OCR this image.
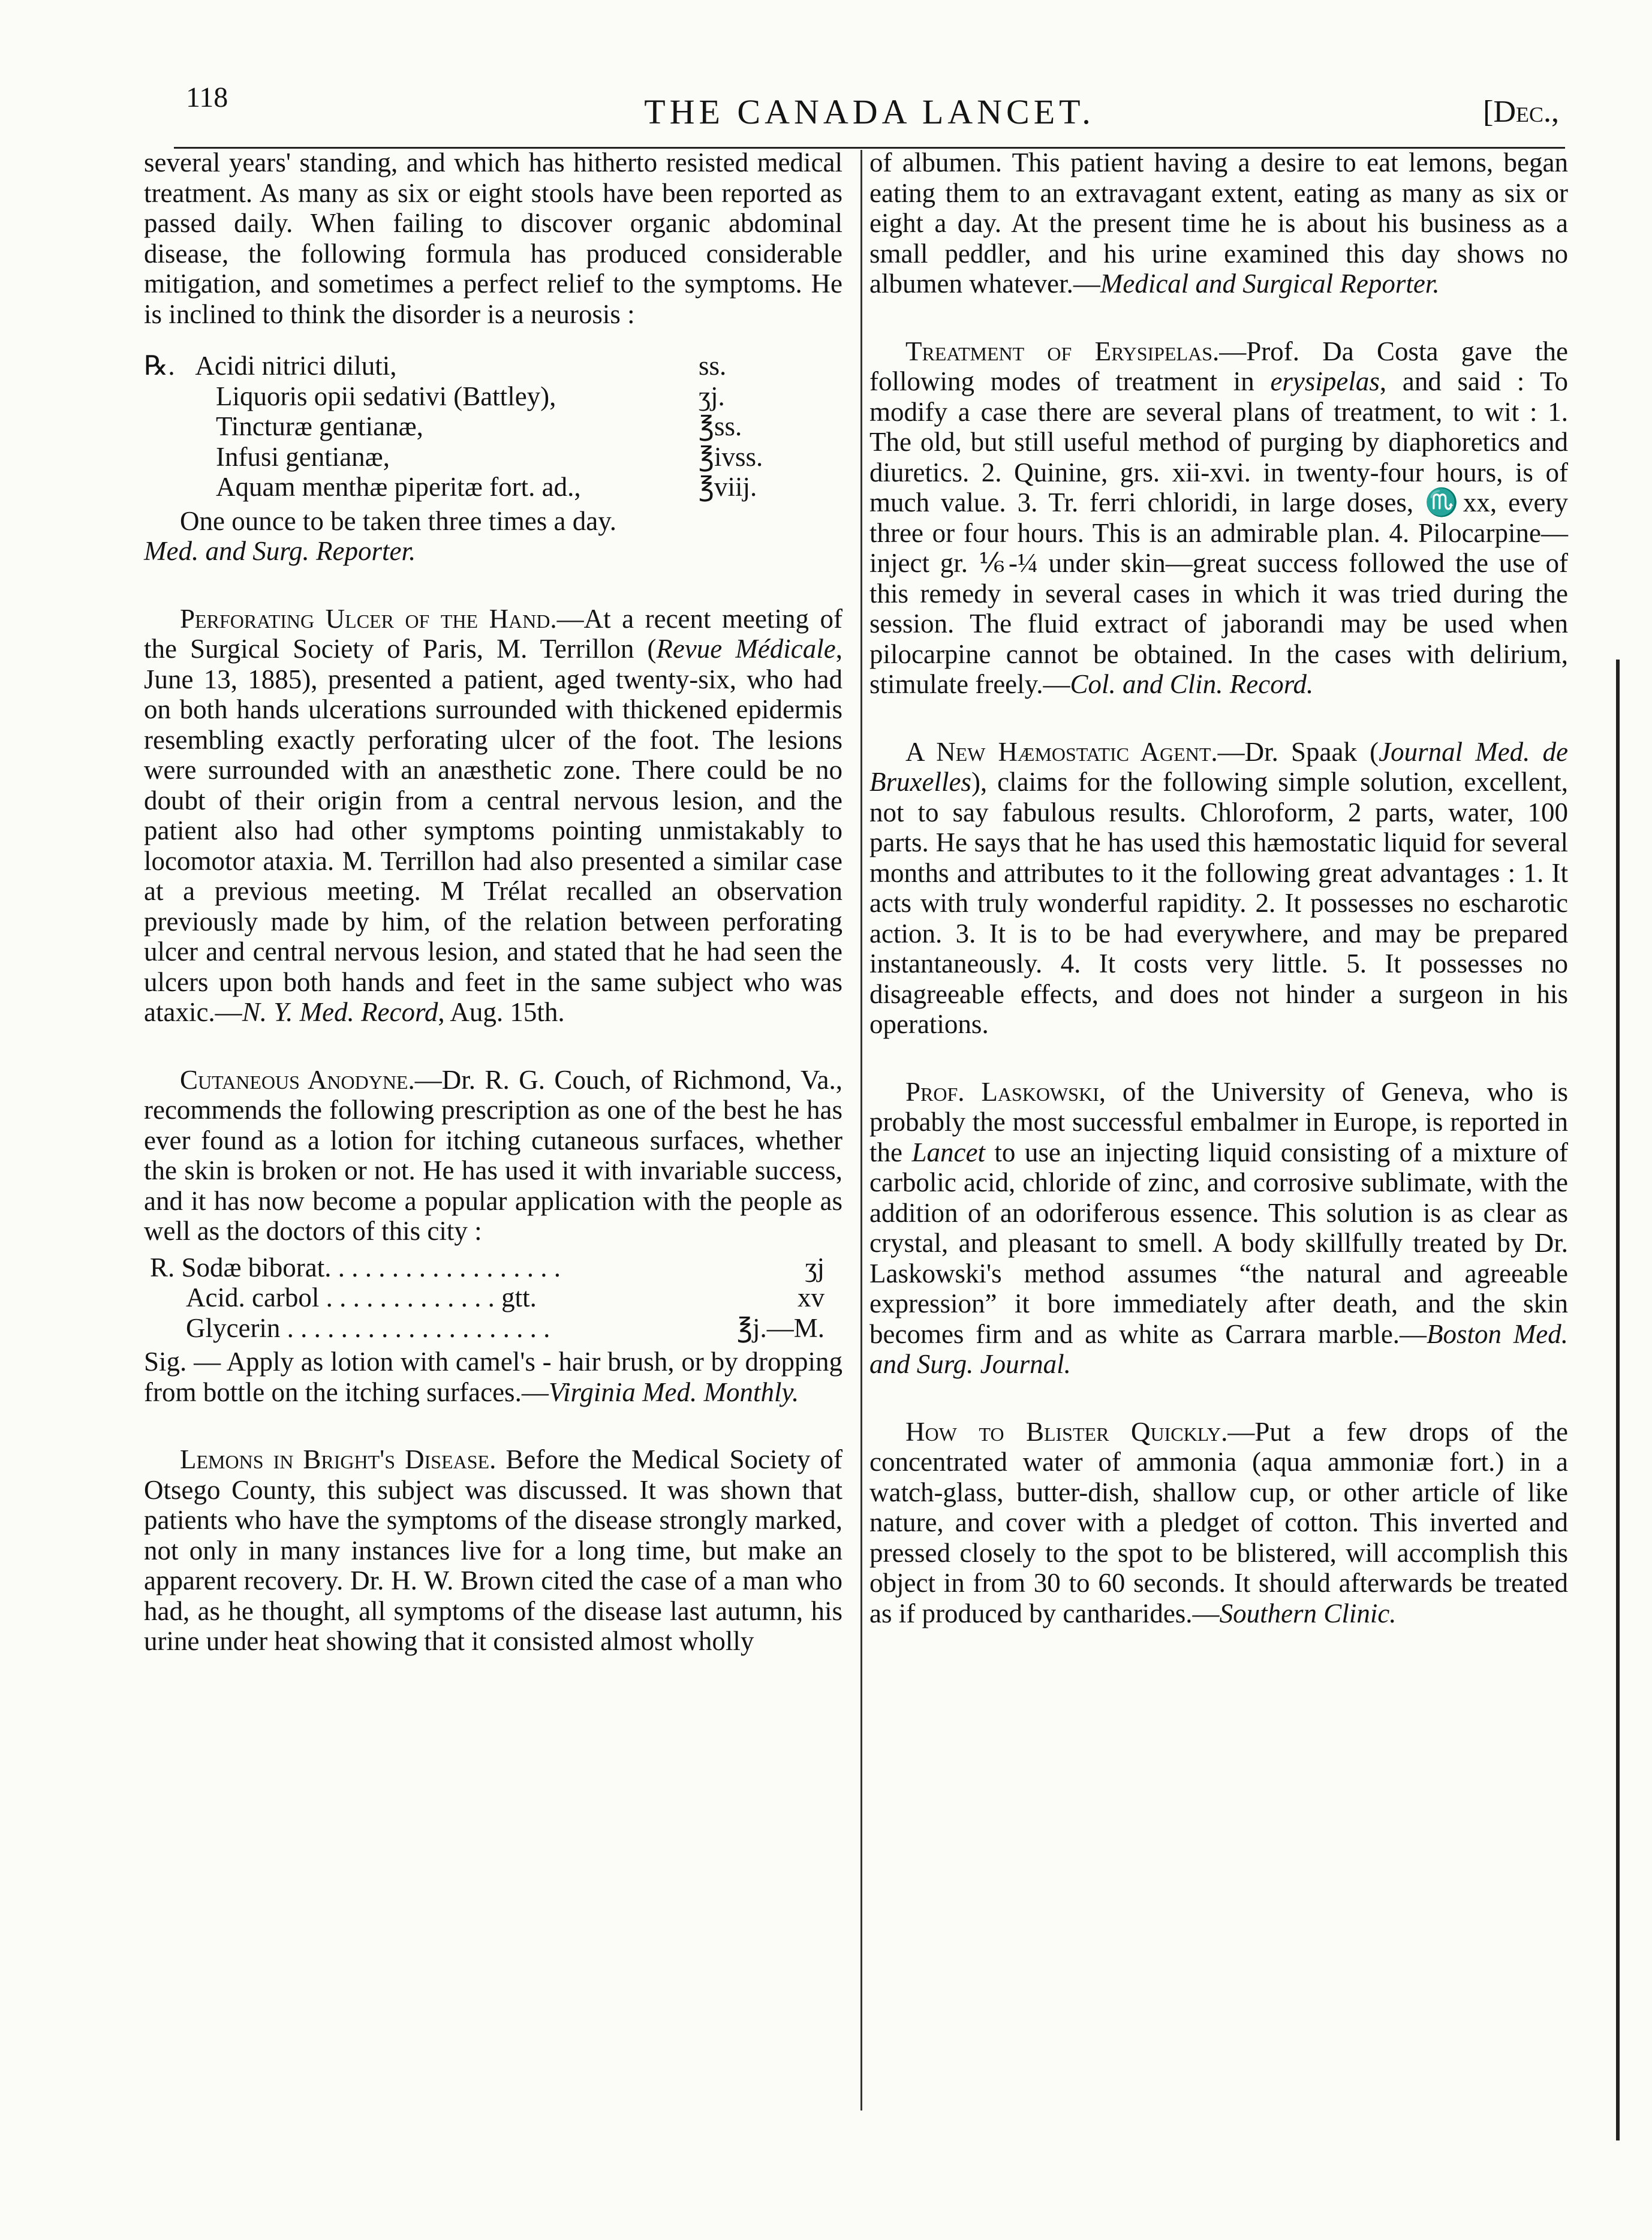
118	THE CANADA LANCET.	[Dec.,

several years' standing, and which has hitherto resisted medical treatment. As many as six or eight stools have been reported as passed daily. When failing to discover organic abdominal disease, the following formula has produced considerable mitigation, and sometimes a perfect relief to the symptoms. He is inclined to think the disorder is a neurosis :

℞. Acidi nitrici diluti,	ss.
Liquoris opii sedativi (Battley),	ʒj.
Tincturæ gentianæ,	℥ss.
Infusi gentianæ,	℥ivss.
Aquam menthæ piperitæ fort. ad.,	℥viij.

One ounce to be taken three times a day.

Med. and Surg. Reporter.

Perforating Ulcer of the Hand.—At a recent meeting of the Surgical Society of Paris, M. Terrillon (Revue Médicale, June 13, 1885), presented a patient, aged twenty-six, who had on both hands ulcerations surrounded with thickened epidermis resembling exactly perforating ulcer of the foot. The lesions were surrounded with an anæsthetic zone. There could be no doubt of their origin from a central nervous lesion, and the patient also had other symptoms pointing unmistakably to locomotor ataxia. M. Terrillon had also presented a similar case at a previous meeting. M Trélat recalled an observation previously made by him, of the relation between perforating ulcer and central nervous lesion, and stated that he had seen the ulcers upon both hands and feet in the same subject who was ataxic.—N. Y. Med. Record, Aug. 15th.

Cutaneous Anodyne.—Dr. R. G. Couch, of Richmond, Va., recommends the following prescription as one of the best he has ever found as a lotion for itching cutaneous surfaces, whether the skin is broken or not. He has used it with invariable success, and it has now become a popular application with the people as well as the doctors of this city :

R. Sodæ biborat. . . . . . . . . . . . . . . . . .	ʒj
Acid. carbol . . . . . . . . . . . . . gtt.	xv
Glycerin . . . . . . . . . . . . . . . . . . . .	℥j.—M.

Sig. — Apply as lotion with camel's - hair brush, or by dropping from bottle on the itching surfaces.—Virginia Med. Monthly.

Lemons in Bright's Disease. Before the Medical Society of Otsego County, this subject was discussed. It was shown that patients who have the symptoms of the disease strongly marked, not only in many instances live for a long time, but make an apparent recovery. Dr. H. W. Brown cited the case of a man who had, as he thought, all symptoms of the disease last autumn, his urine under heat showing that it consisted almost wholly

of albumen. This patient having a desire to eat lemons, began eating them to an extravagant extent, eating as many as six or eight a day. At the present time he is about his business as a small peddler, and his urine examined this day shows no albumen whatever.—Medical and Surgical Reporter.

Treatment of Erysipelas.—Prof. Da Costa gave the following modes of treatment in erysipelas, and said : To modify a case there are several plans of treatment, to wit : 1. The old, but still useful method of purging by diaphoretics and diuretics. 2. Quinine, grs. xii-xvi. in twenty-four hours, is of much value. 3. Tr. ferri chloridi, in large doses, ♏xx, every three or four hours. This is an admirable plan. 4. Pilocarpine—inject gr. ⅙-¼ under skin—great success followed the use of this remedy in several cases in which it was tried during the session. The fluid extract of jaborandi may be used when pilocarpine cannot be obtained. In the cases with delirium, stimulate freely.—Col. and Clin. Record.

A New Hæmostatic Agent.—Dr. Spaak (Journal Med. de Bruxelles), claims for the following simple solution, excellent, not to say fabulous results. Chloroform, 2 parts, water, 100 parts. He says that he has used this hæmostatic liquid for several months and attributes to it the following great advantages : 1. It acts with truly wonderful rapidity. 2. It possesses no escharotic action. 3. It is to be had everywhere, and may be prepared instantaneously. 4. It costs very little. 5. It possesses no disagreeable effects, and does not hinder a surgeon in his operations.

Prof. Laskowski, of the University of Geneva, who is probably the most successful embalmer in Europe, is reported in the Lancet to use an injecting liquid consisting of a mixture of carbolic acid, chloride of zinc, and corrosive sublimate, with the addition of an odoriferous essence. This solution is as clear as crystal, and pleasant to smell. A body skillfully treated by Dr. Laskowski's method assumes “the natural and agreeable expression” it bore immediately after death, and the skin becomes firm and as white as Carrara marble.—Boston Med. and Surg. Journal.

How to Blister Quickly.—Put a few drops of the concentrated water of ammonia (aqua ammoniæ fort.) in a watch-glass, butter-dish, shallow cup, or other article of like nature, and cover with a pledget of cotton. This inverted and pressed closely to the spot to be blistered, will accomplish this object in from 30 to 60 seconds. It should afterwards be treated as if produced by cantharides.—Southern Clinic.
